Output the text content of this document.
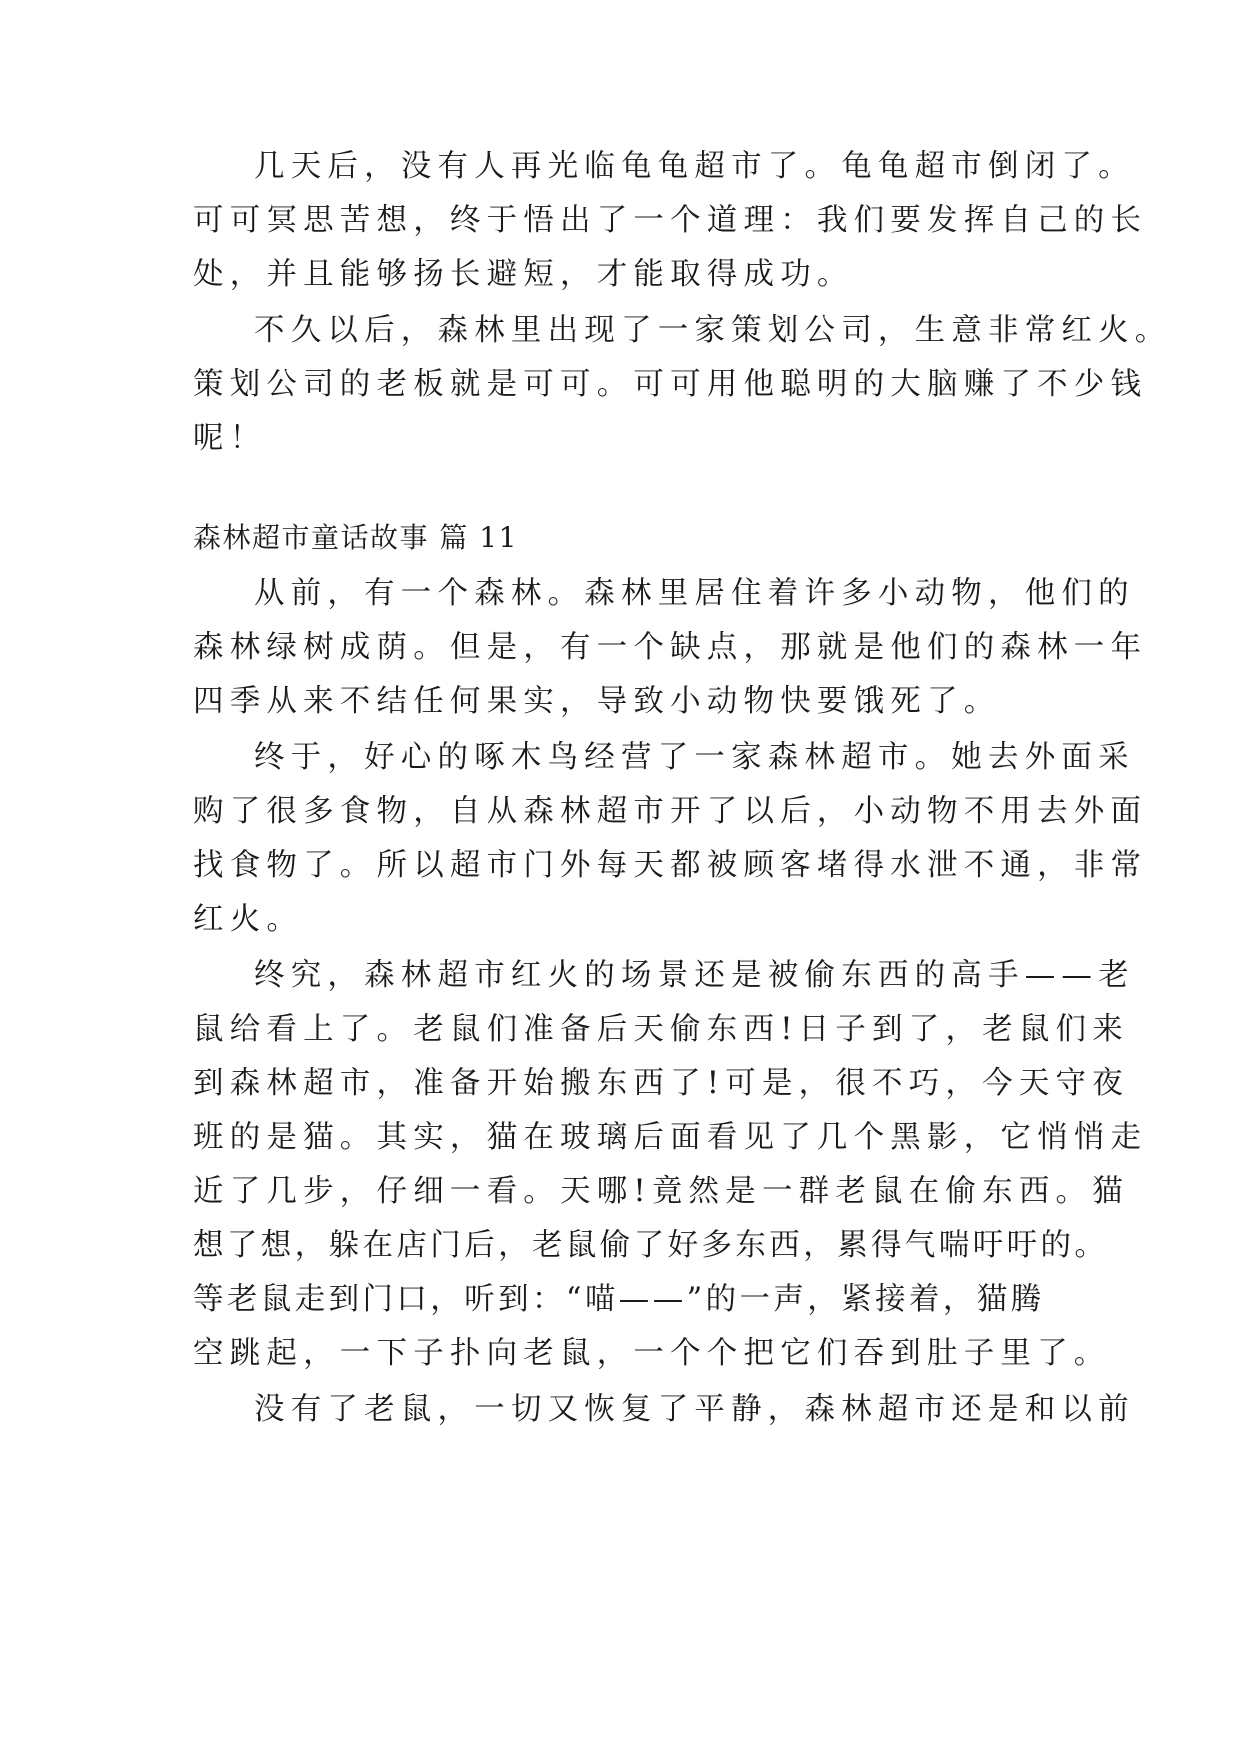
几天后，没有人再光临龟龟超市了。龟龟超市倒闭了。
可可冥思苦想，终于悟出了一个道理：我们要发挥自己的长
处，并且能够扬长避短，才能取得成功。
不久以后，森林里出现了一家策划公司，生意非常红火。
策划公司的老板就是可可。可可用他聪明的大脑赚了不少钱
呢！
森林超市童话故事 篇 11
从前，有一个森林。森林里居住着许多小动物，他们的
森林绿树成荫。但是，有一个缺点，那就是他们的森林一年
四季从来不结任何果实，导致小动物快要饿死了。
终于，好心的啄木鸟经营了一家森林超市。她去外面采
购了很多食物，自从森林超市开了以后，小动物不用去外面
找食物了。所以超市门外每天都被顾客堵得水泄不通，非常
红火。
终究，森林超市红火的场景还是被偷东西的高手——老
鼠给看上了。老鼠们准备后天偷东西!日子到了，老鼠们来
到森林超市，准备开始搬东西了!可是，很不巧，今天守夜
班的是猫。其实，猫在玻璃后面看见了几个黑影，它悄悄走
近了几步，仔细一看。天哪!竟然是一群老鼠在偷东西。猫
想了想，躲在店门后，老鼠偷了好多东西，累得气喘吁吁的。
等老鼠走到门口，听到：“喵——”的一声，紧接着，猫腾
空跳起，一下子扑向老鼠，一个个把它们吞到肚子里了。
没有了老鼠，一切又恢复了平静，森林超市还是和以前
